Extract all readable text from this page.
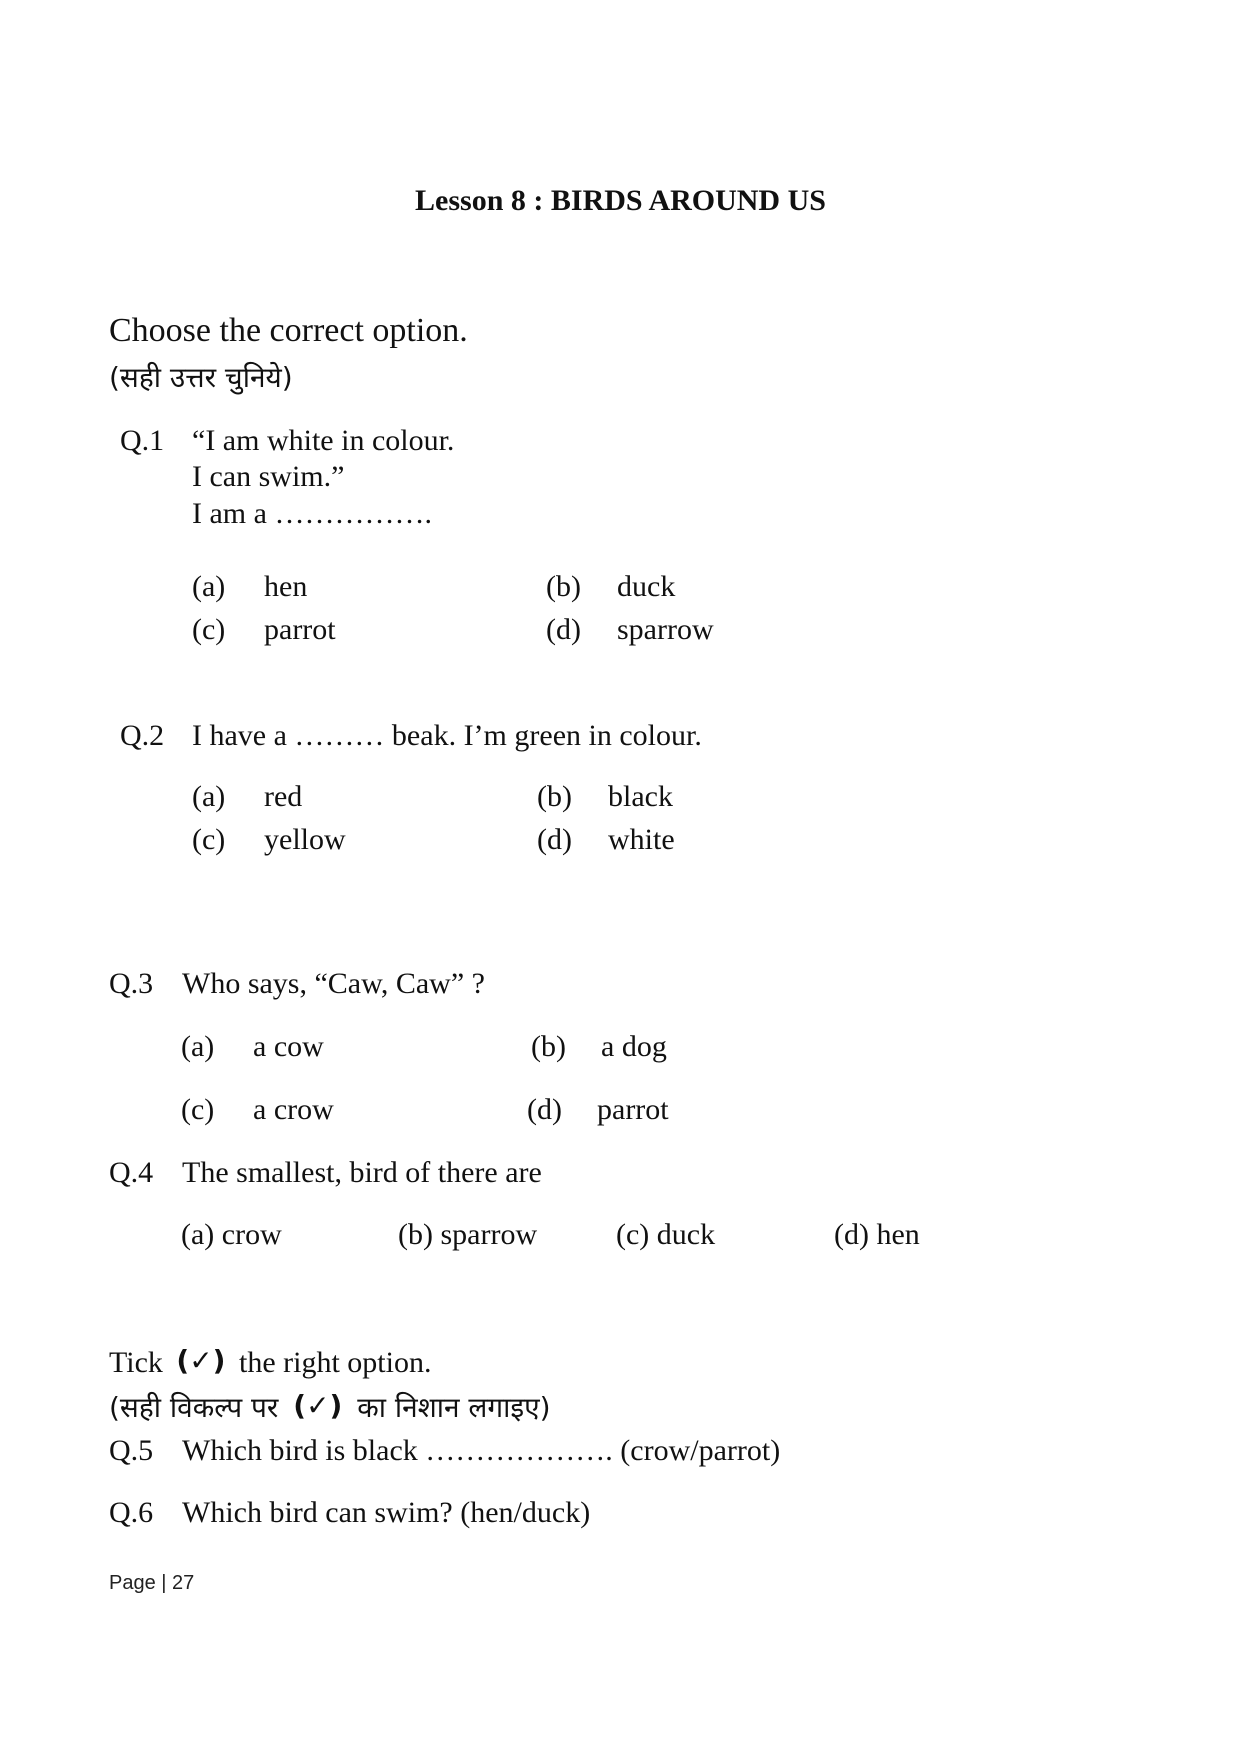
Lesson 8 : BIRDS AROUND US
Choose the correct option.
(सही उत्तर चुनिये)
Q.1 “I am white in colour.
I can swim.”
I am a …………….
(a) hen	(b) duck
(c) parrot	(d) sparrow
Q.2 I have a ……… beak. I’m green in colour.
(a) red	(b) black
(c) yellow	(d) white
Q.3 Who says, “Caw, Caw” ?
(a) a cow	(b) a dog
(c) a crow	(d) parrot
Q.4 The smallest, bird of there are
(a) crow	(b) sparrow	(c) duck	(d) hen
Tick (✓) the right option.
(सही विकल्प पर (✓) का निशान लगाइए)
Q.5 Which bird is black ………………. (crow/parrot)
Q.6 Which bird can swim? (hen/duck)
Page | 27
